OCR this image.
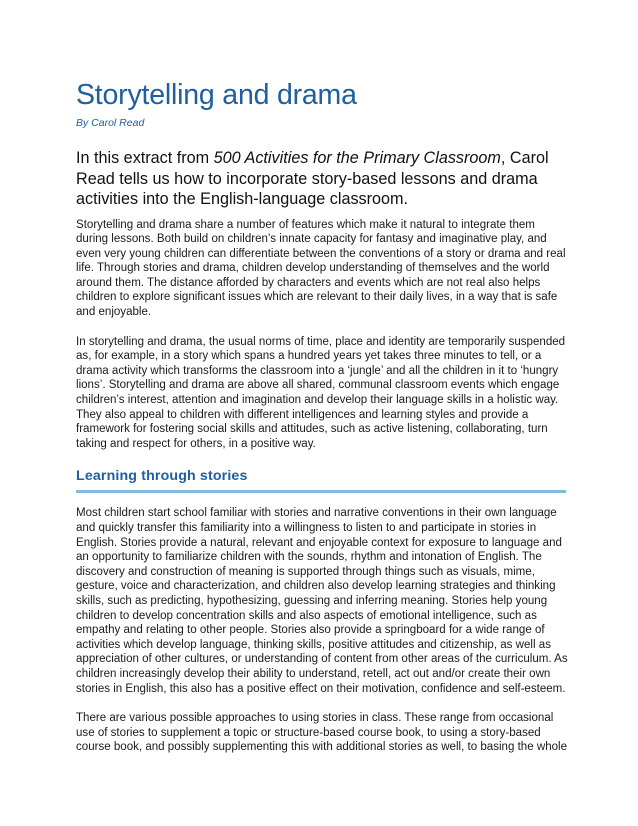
Storytelling and drama

By Carol Read

In this extract from 500 Activities for the Primary Classroom, Carol Read tells us how to incorporate story-based lessons and drama activities into the English-language classroom.

Storytelling and drama share a number of features which make it natural to integrate them during lessons. Both build on children’s innate capacity for fantasy and imaginative play, and even very young children can differentiate between the conventions of a story or drama and real life. Through stories and drama, children develop understanding of themselves and the world around them. The distance afforded by characters and events which are not real also helps children to explore significant issues which are relevant to their daily lives, in a way that is safe and enjoyable.

In storytelling and drama, the usual norms of time, place and identity are temporarily suspended as, for example, in a story which spans a hundred years yet takes three minutes to tell, or a drama activity which transforms the classroom into a ‘jungle’ and all the children in it to ‘hungry lions’. Storytelling and drama are above all shared, communal classroom events which engage children’s interest, attention and imagination and develop their language skills in a holistic way. They also appeal to children with different intelligences and learning styles and provide a framework for fostering social skills and attitudes, such as active listening, collaborating, turn taking and respect for others, in a positive way.

Learning through stories

Most children start school familiar with stories and narrative conventions in their own language and quickly transfer this familiarity into a willingness to listen to and participate in stories in English. Stories provide a natural, relevant and enjoyable context for exposure to language and an opportunity to familiarize children with the sounds, rhythm and intonation of English. The discovery and construction of meaning is supported through things such as visuals, mime, gesture, voice and characterization, and children also develop learning strategies and thinking skills, such as predicting, hypothesizing, guessing and inferring meaning. Stories help young children to develop concentration skills and also aspects of emotional intelligence, such as empathy and relating to other people. Stories also provide a springboard for a wide range of activities which develop language, thinking skills, positive attitudes and citizenship, as well as appreciation of other cultures, or understanding of content from other areas of the curriculum. As children increasingly develop their ability to understand, retell, act out and/or create their own stories in English, this also has a positive effect on their motivation, confidence and self-esteem.

There are various possible approaches to using stories in class. These range from occasional use of stories to supplement a topic or structure-based course book, to using a story-based course book, and possibly supplementing this with additional stories as well, to basing the whole
